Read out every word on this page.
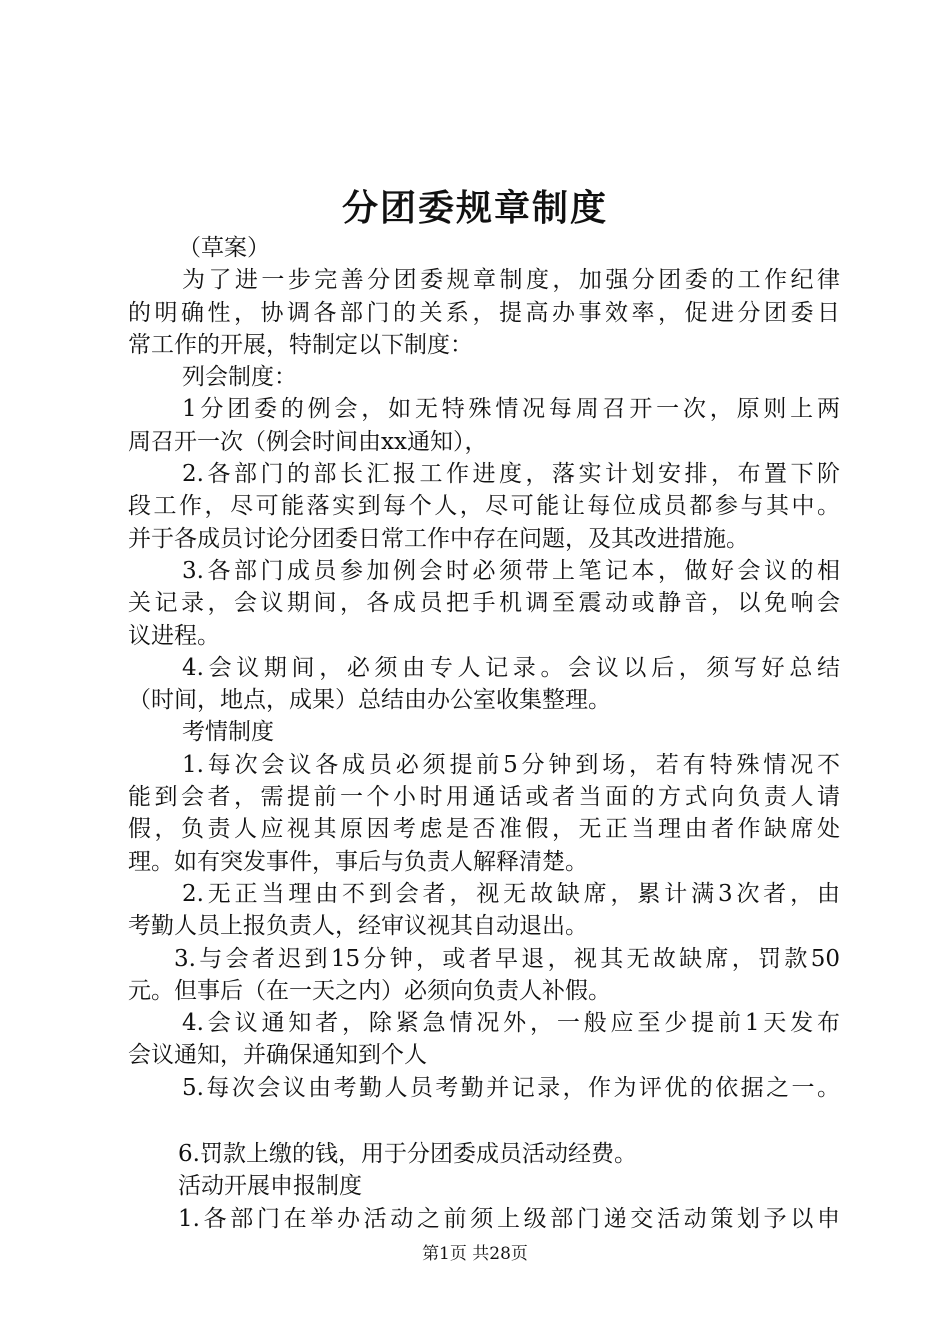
分团委规章制度
（草案）
为了进一步完善分团委规章制度，加强分团委的工作纪律
的明确性，协调各部门的关系，提高办事效率，促进分团委日
常工作的开展，特制定以下制度：
列会制度：
1分团委的例会，如无特殊情况每周召开一次，原则上两
周召开一次（例会时间由xx通知），
2.各部门的部长汇报工作进度，落实计划安排，布置下阶
段工作，尽可能落实到每个人，尽可能让每位成员都参与其中。
并于各成员讨论分团委日常工作中存在问题，及其改进措施。
3.各部门成员参加例会时必须带上笔记本，做好会议的相
关记录，会议期间，各成员把手机调至震动或静音，以免响会
议进程。
4.会议期间，必须由专人记录。会议以后，须写好总结
（时间，地点，成果）总结由办公室收集整理。
考情制度
1.每次会议各成员必须提前5分钟到场，若有特殊情况不
能到会者，需提前一个小时用通话或者当面的方式向负责人请
假，负责人应视其原因考虑是否准假，无正当理由者作缺席处
理。如有突发事件，事后与负责人解释清楚。
2.无正当理由不到会者，视无故缺席，累计满3次者，由
考勤人员上报负责人，经审议视其自动退出。
3.与会者迟到15分钟，或者早退，视其无故缺席，罚款50
元。但事后（在一天之内）必须向负责人补假。
4.会议通知者，除紧急情况外，一般应至少提前1天发布
会议通知，并确保通知到个人
5.每次会议由考勤人员考勤并记录，作为评优的依据之一。
6.罚款上缴的钱，用于分团委成员活动经费。
活动开展申报制度
1.各部门在举办活动之前须上级部门递交活动策划予以申
第1页 共28页
